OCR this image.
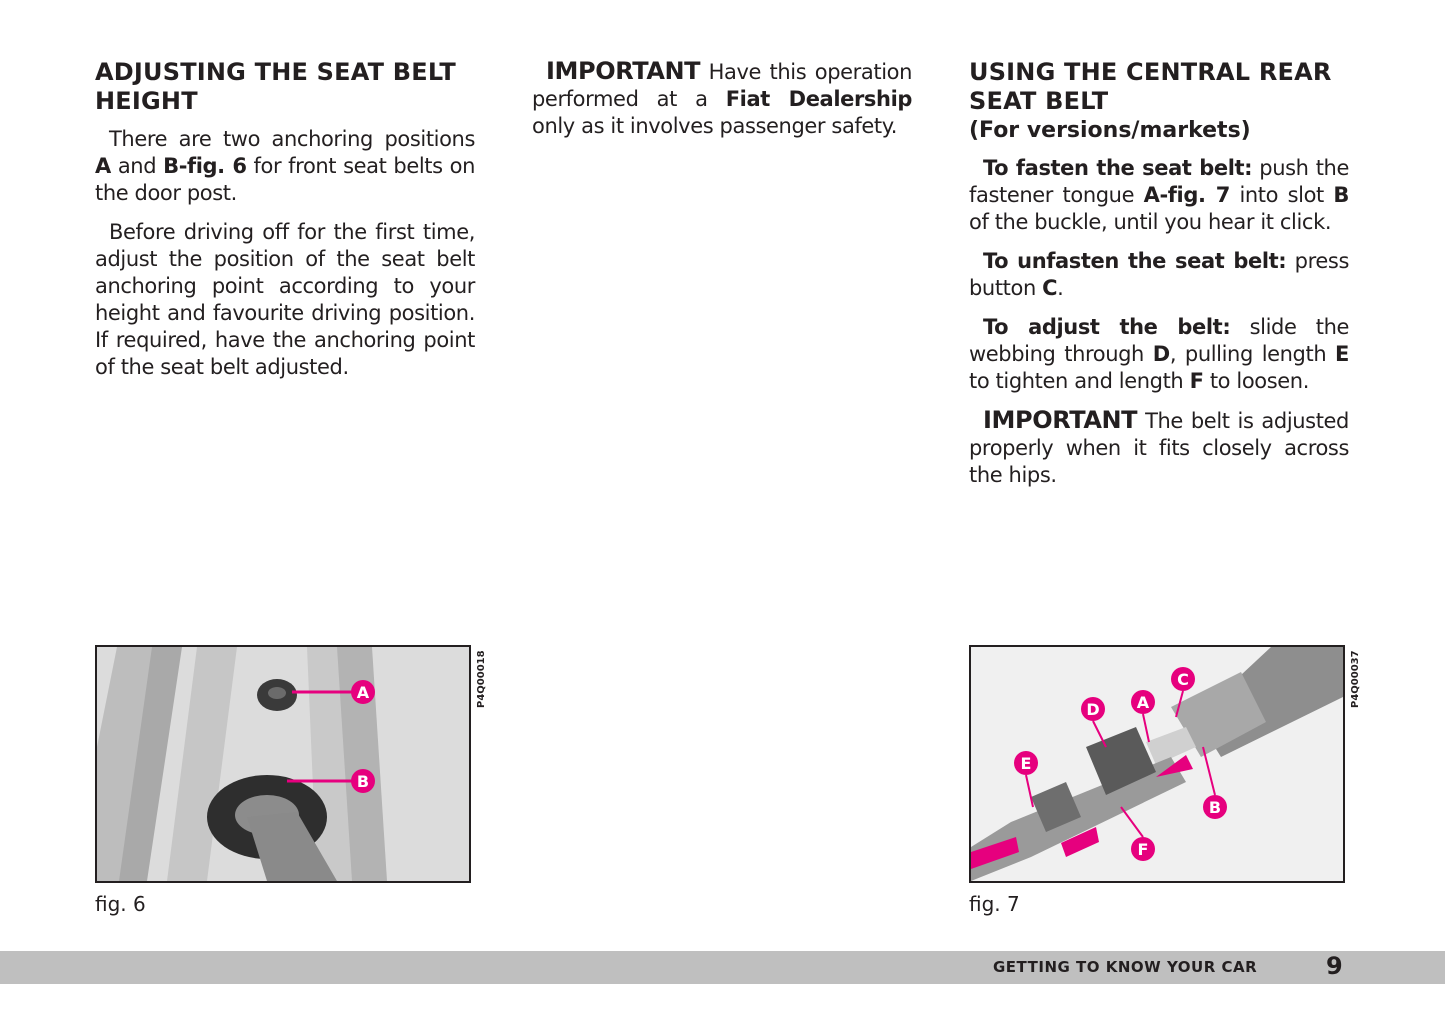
ADJUSTING THE SEAT BELT HEIGHT

There are two anchoring positions A and B-fig. 6 for front seat belts on the door post.

Before driving off for the first time, adjust the position of the seat belt anchoring point according to your height and favourite driving position. If required, have the anchoring point of the seat belt adjusted.

IMPORTANT Have this operation performed at a Fiat Dealership only as it involves passenger safety.

USING THE CENTRAL REAR SEAT BELT
(For versions/markets)

To fasten the seat belt: push the fastener tongue A-fig. 7 into slot B of the buckle, until you hear it click.

To unfasten the seat belt: press button C.

To adjust the belt: slide the webbing through D, pulling length E to tighten and length F to loosen.

IMPORTANT The belt is adjusted properly when it fits closely across the hips.

A
B
P4Q00018
fig. 6
C
A
D
E
B
F
P4Q00037
fig. 7
GETTING TO KNOW YOUR CAR	9
